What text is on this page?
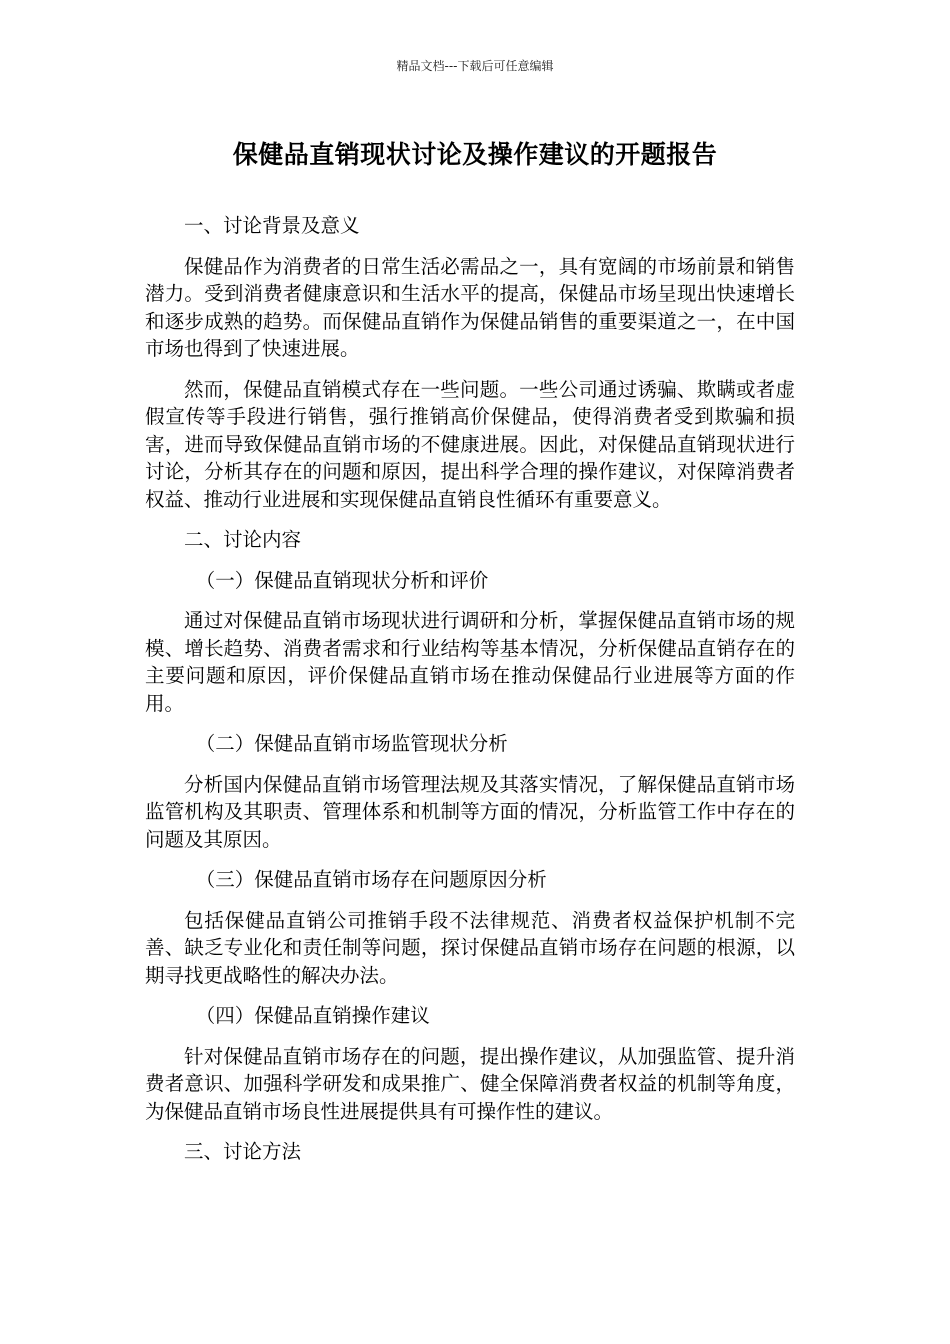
精品文档---下载后可任意编辑
保健品直销现状讨论及操作建议的开题报告
一、讨论背景及意义
保健品作为消费者的日常生活必需品之一，具有宽阔的市场前景和销售潜力。受到消费者健康意识和生活水平的提高，保健品市场呈现出快速增长和逐步成熟的趋势。而保健品直销作为保健品销售的重要渠道之一，在中国市场也得到了快速进展。
然而，保健品直销模式存在一些问题。一些公司通过诱骗、欺瞒或者虚假宣传等手段进行销售，强行推销高价保健品，使得消费者受到欺骗和损害，进而导致保健品直销市场的不健康进展。因此，对保健品直销现状进行讨论，分析其存在的问题和原因，提出科学合理的操作建议，对保障消费者权益、推动行业进展和实现保健品直销良性循环有重要意义。
二、讨论内容
（一）保健品直销现状分析和评价
通过对保健品直销市场现状进行调研和分析，掌握保健品直销市场的规模、增长趋势、消费者需求和行业结构等基本情况，分析保健品直销存在的主要问题和原因，评价保健品直销市场在推动保健品行业进展等方面的作用。
（二）保健品直销市场监管现状分析
分析国内保健品直销市场管理法规及其落实情况，了解保健品直销市场监管机构及其职责、管理体系和机制等方面的情况，分析监管工作中存在的问题及其原因。
（三）保健品直销市场存在问题原因分析
包括保健品直销公司推销手段不法律规范、消费者权益保护机制不完善、缺乏专业化和责任制等问题，探讨保健品直销市场存在问题的根源，以期寻找更战略性的解决办法。
（四）保健品直销操作建议
针对保健品直销市场存在的问题，提出操作建议，从加强监管、提升消费者意识、加强科学研发和成果推广、健全保障消费者权益的机制等角度，为保健品直销市场良性进展提供具有可操作性的建议。
三、讨论方法
